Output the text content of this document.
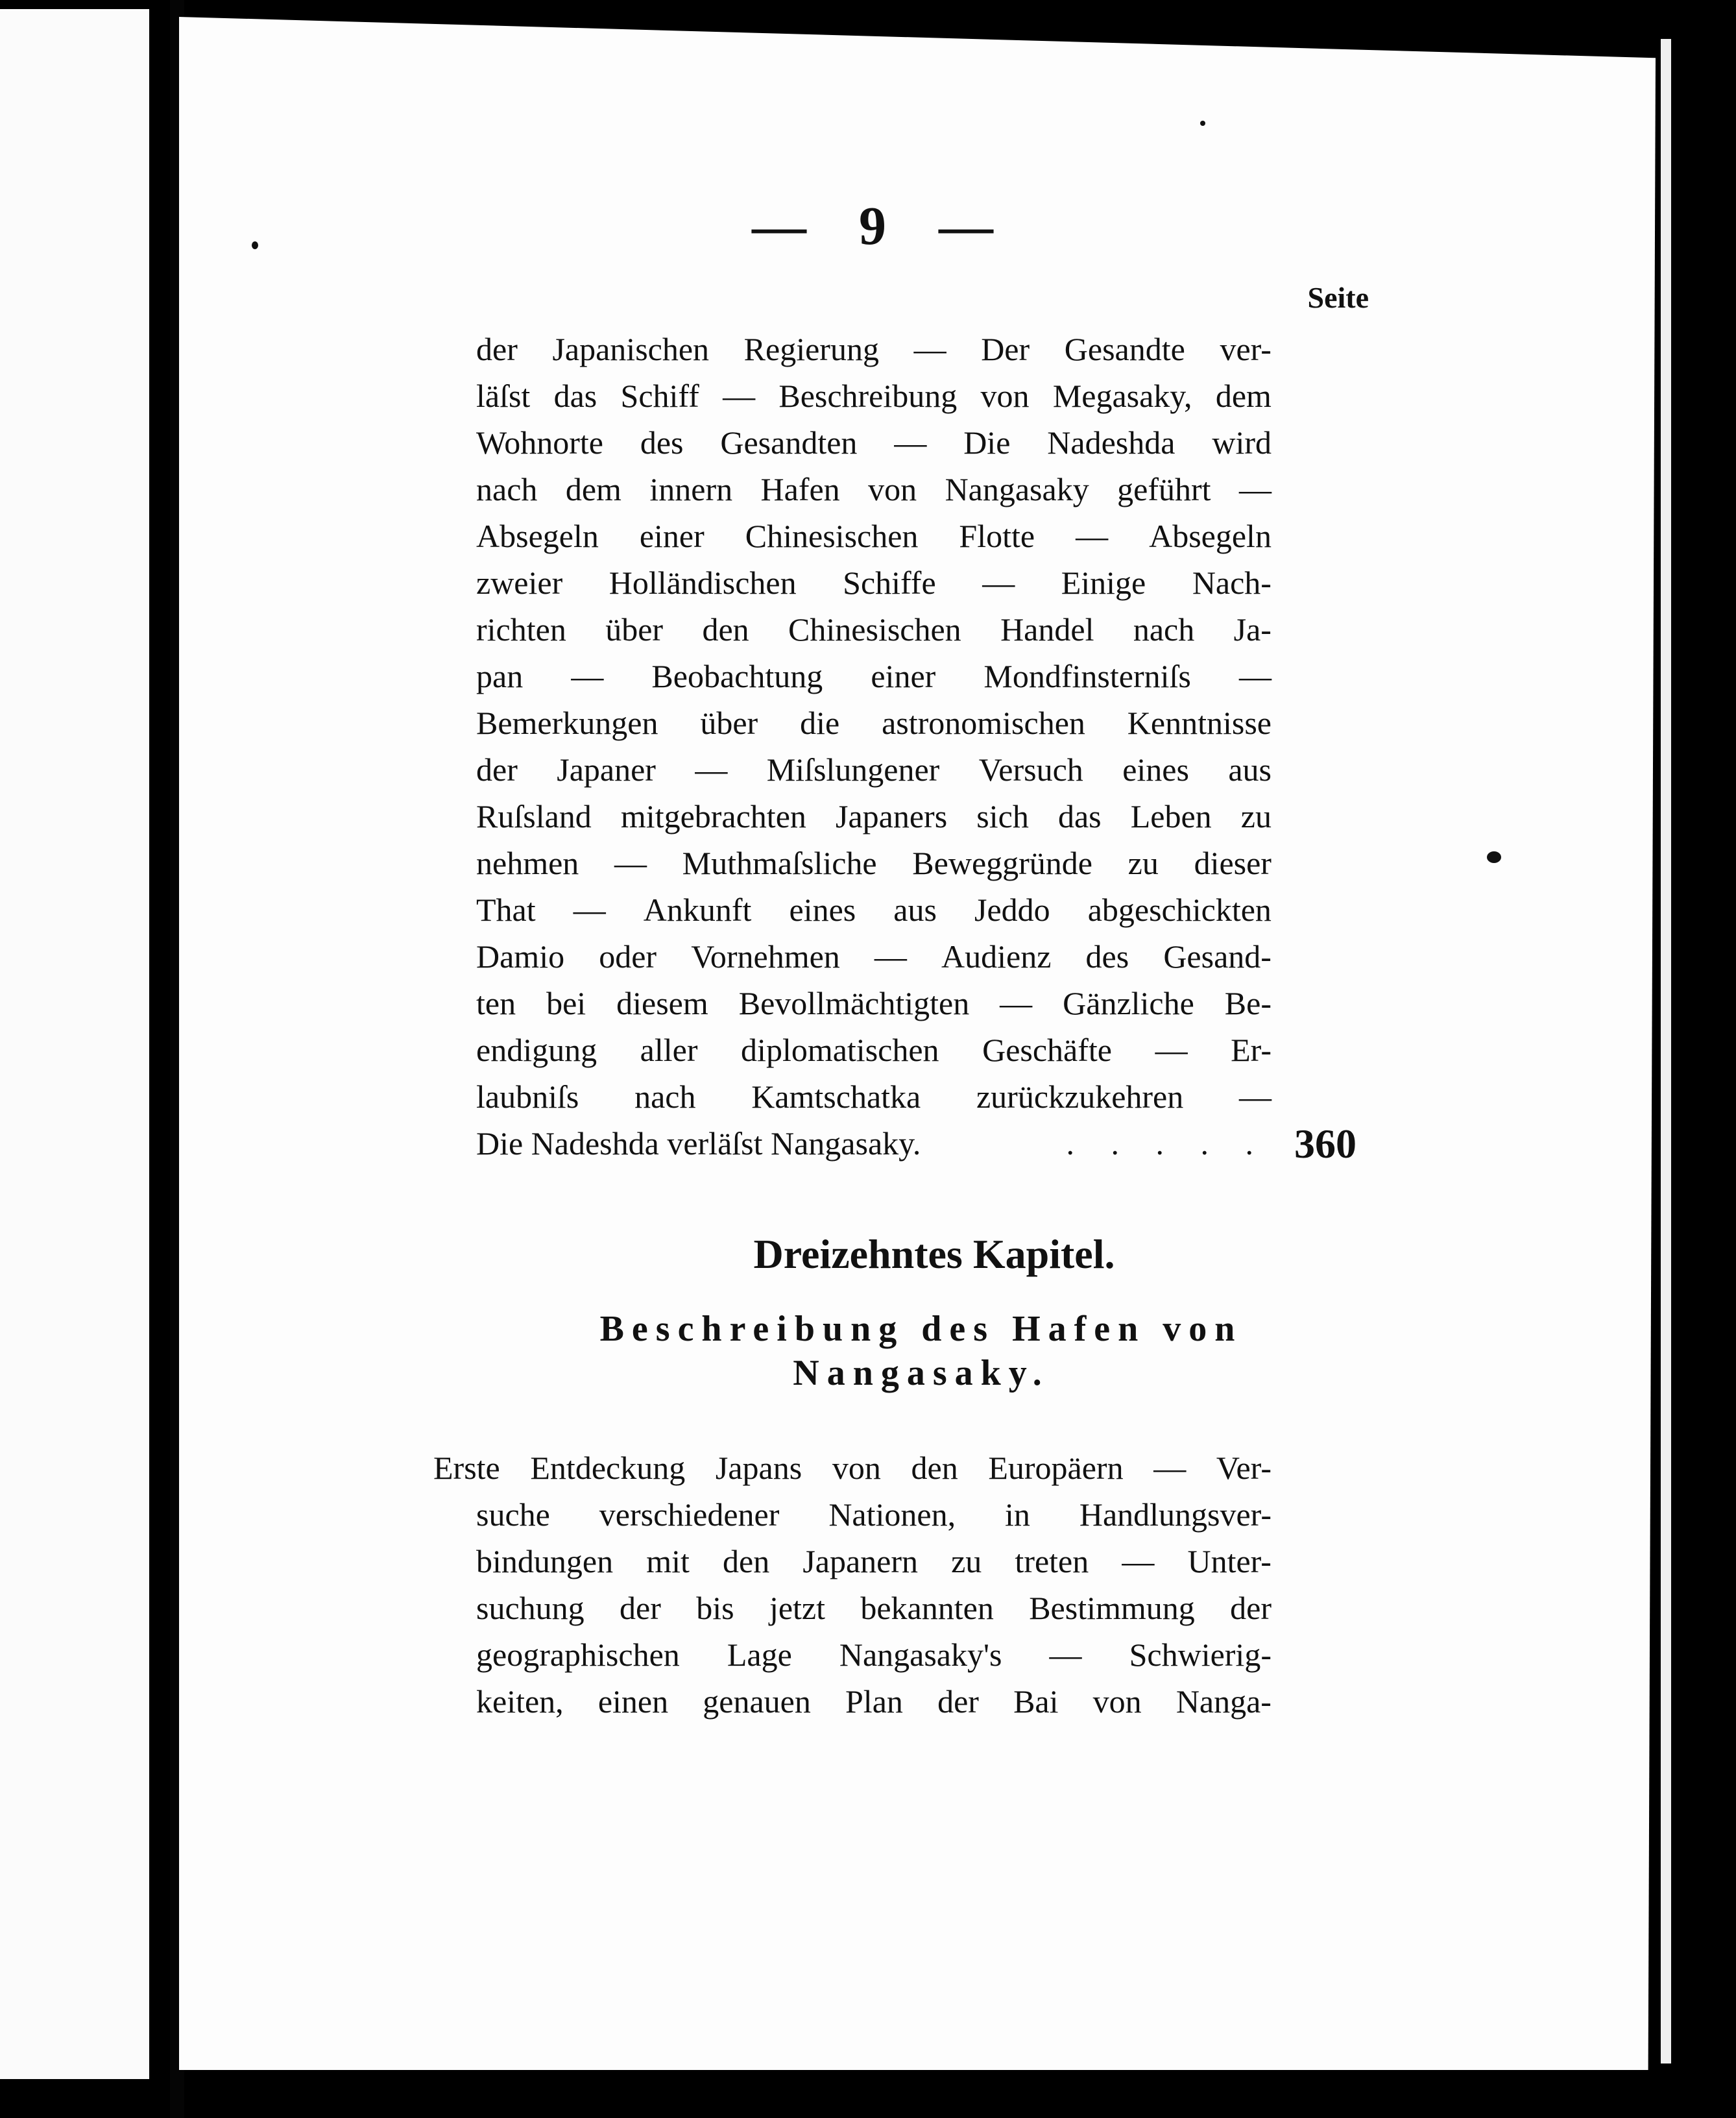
— 9 —
Seite
der Japanischen Regierung — Der Gesandte ver-
läſst das Schiff — Beschreibung von Megasaky, dem
Wohnorte des Gesandten — Die Nadeshda wird
nach dem innern Hafen von Nangasaky geführt —
Absegeln einer Chinesischen Flotte — Absegeln
zweier Holländischen Schiffe — Einige Nach-
richten über den Chinesischen Handel nach Ja-
pan — Beobachtung einer Mondfinsterniſs —
Bemerkungen über die astronomischen Kenntnisse
der Japaner — Miſslungener Versuch eines aus
Ruſsland mitgebrachten Japaners sich das Leben zu
nehmen — Muthmaſsliche Beweggründe zu dieser
That — Ankunft eines aus Jeddo abgeschickten
Damio oder Vornehmen — Audienz des Gesand-
ten bei diesem Bevollmächtigten — Gänzliche Be-
endigung aller diplomatischen Geschäfte — Er-
laubniſs nach Kamtschatka zurückzukehren —
Die Nadeshda verläſst Nangasaky.	. . . . . 360
Dreizehntes Kapitel.
Beschreibung des Hafen von
Nangasaky.
Erste Entdeckung Japans von den Europäern — Ver-
suche verschiedener Nationen, in Handlungsver-
bindungen mit den Japanern zu treten — Unter-
suchung der bis jetzt bekannten Bestimmung der
geographischen Lage Nangasaky's — Schwierig-
keiten, einen genauen Plan der Bai von Nanga-
